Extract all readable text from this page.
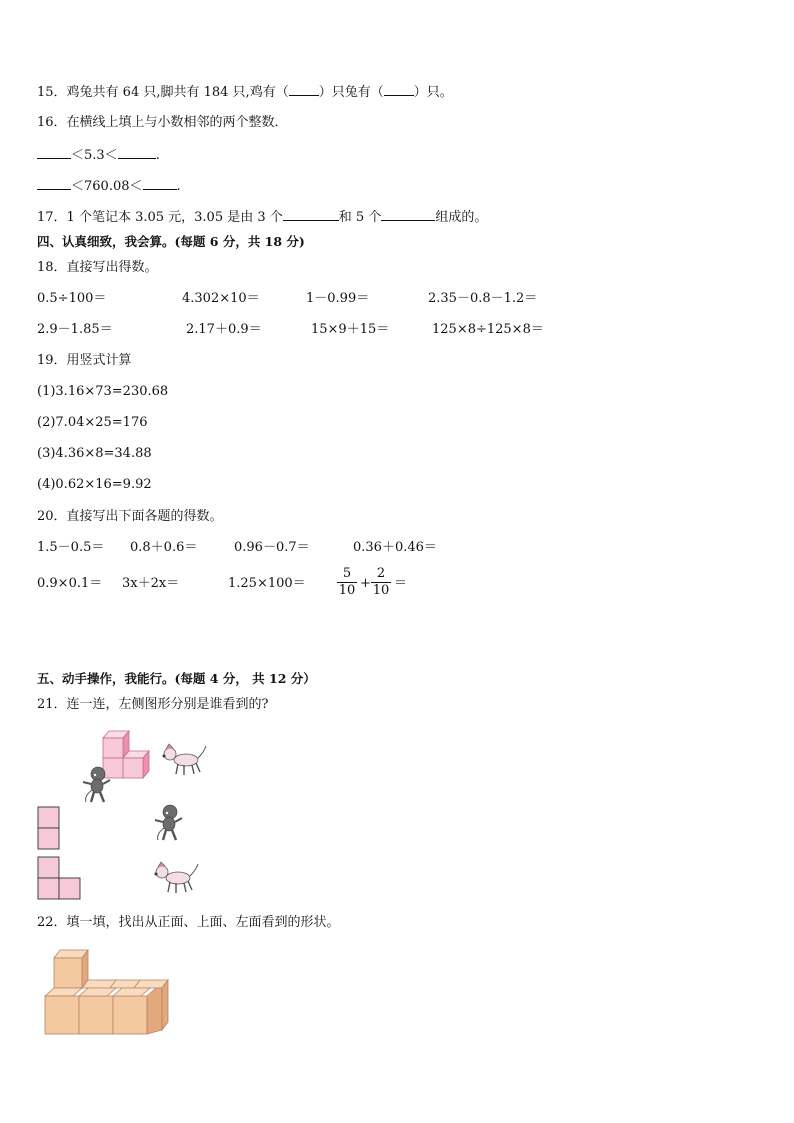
15．鸡兔共有 64 只,脚共有 184 只,鸡有（ ）只兔有（ ）只。
16．在横线上填上与小数相邻的两个整数．
＜5.3＜	.
＜760.08＜	.
17．1 个笔记本 3.05 元，3.05 是由 3 个	和 5 个	组成的。
四、认真细致，我会算。(每题 6 分，共 18 分)
18．直接写出得数。
0.5÷100＝	4.302×10＝	1－0.99＝	2.35－0.8－1.2＝
2.9－1.85＝	2.17＋0.9＝	15×9＋15＝	125×8÷125×8＝
19．用竖式计算
(1)3.16×73=230.68
(2)7.04×25=176
(3)4.36×8=34.88
(4)0.62×16=9.92
20．直接写出下面各题的得数。
1.5－0.5＝ 0.8＋0.6＝	0.96－0.7＝	0.36＋0.46＝
0.9×0.1＝ 3x＋2x＝	$1.25\times 100= \frac{5}{10} + \frac{2}{10}$ ＝
五、动手操作，我能行。(每题 4 分， 共 12 分）
21．连一连，左侧图形分别是谁看到的?
22．填一填，找出从正面、上面、左面看到的形状。
